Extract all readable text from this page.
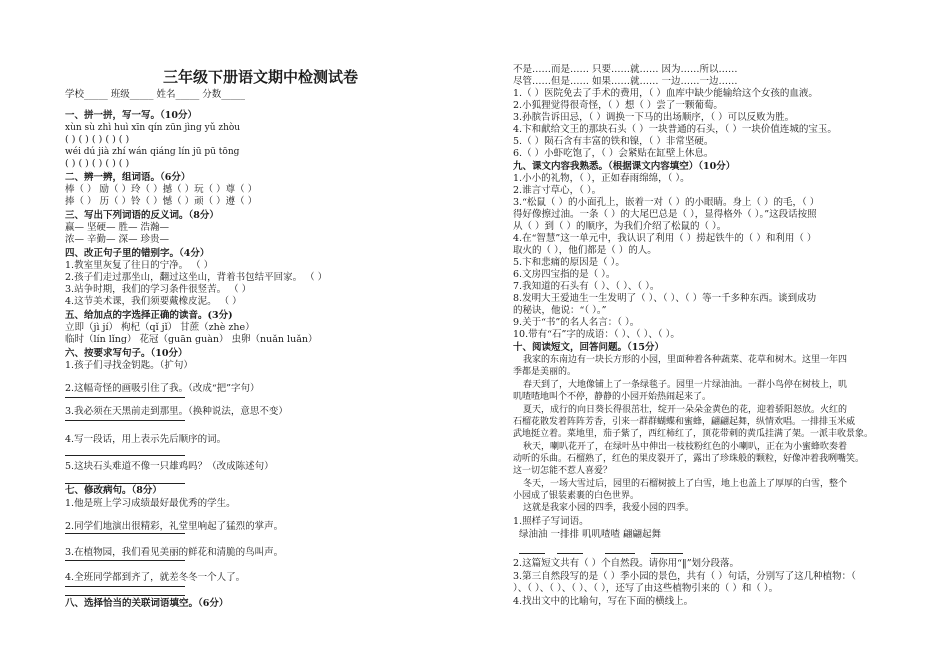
三年级下册语文期中检测试卷
学校_____ 班级_____ 姓名_____ 分数_____
一、拼一拼，写一写。（10分）
xùn sù zhì huì xīn qín zūn jìng yǔ zhòu
( ) ( ) ( ) ( ) ( )
wéi dú jià zhí wán qiáng lín jū pū tōng
( ) ( ) ( ) ( ) ( )
二、辨一辨，组词语。（6分）
棒（ ） 励（ ）玲（ ）撼（ ）玩（ ）尊（ ）
捧（ ） 历（ ）铃（ ）憾（ ）顽（ ）遵（ ）
三、写出下列词语的反义词。（8分）
赢— 坚硬— 胜— 浩瀚—
浓— 辛勤— 深— 珍贵—
四、改正句子里的错别字。（4分）
1.教室里灰复了往日的宁净。 （ ）
2.孩子们走过那坐山，翻过这坐山，背着书包结平回家。 （ ）
3.站争时期，我们的学习条件很竖苦。 （ ）
4.这节美术课，我们须要戴橡皮泥。 （ ）
五、给加点的字选择正确的读音。(3分)
立即（jì jí） 枸杞（qǐ jǐ） 甘蔗（zhè zhe）
临时（lín lǐng） 花冠（guān guàn） 虫卵（nuǎn luǎn）
六、按要求写句子。（10分）
1.孩子们寻找金钥匙。（扩句）
2.这幅奇怪的画吸引住了我。（改成“把”字句）
3.我必须在天黑前走到那里。（换种说法，意思不变）
4.写一段话，用上表示先后顺序的词。
5.这块石头难道不像一只雄鸡吗？（改成陈述句）
七、修改病句。（8分）
1.他是班上学习成绩最好最优秀的学生。
2.同学们地演出很精彩，礼堂里响起了猛烈的掌声。
3.在植物园，我们看见美丽的鲜花和清脆的鸟叫声。
4.全班同学都到齐了，就差冬冬一个人了。
八、选择恰当的关联词语填空。（6分）
不是……而是…… 只要……就…… 因为……所以……
尽管……但是…… 如果……就…… 一边……一边……
1.（ ）医院免去了手术的费用，（ ）血库中缺少能输给这个女孩的血液。
2.小狐狸觉得很奇怪，（ ）想（ ）尝了一颗葡萄。
3.孙膑告诉田忌，（ ）调换一下马的出场顺序，（ ）可以反败为胜。
4.卞和献给文王的那块石头（ ）一块普通的石头，（ ）一块价值连城的宝玉。
5.（ ）陨石含有丰富的铁和镍，（ ）非常坚硬。
6.（ ）小虾吃饱了，（ ）会紧贴在缸壁上休息。
九、课文内容我熟悉。（根据课文内容填空）（10分）
1.小小的礼物，（ ），正如春雨绵绵，（ ）。
2.谁言寸草心，（ ）。
3.“松鼠（ ）的小面孔上，嵌着一对（ ）的小眼睛。身上（ ）的毛，（ ）
得好像擦过油。一条（ ）的大尾巴总是（ ），显得格外（ ）。”这段话按照
从（ ）到（ ）的顺序，为我们介绍了松鼠的（ ）。
4.在“智慧”这一单元中，我认识了利用（ ）捞起铁牛的（ ）和利用（ ）
取火的（ ），他们都是（ ）的人。
5.卞和悲痛的原因是（ ）。
6.文房四宝指的是（ ）。
7.我知道的石头有（ ）、（ ）、（ ）。
8.发明大王爱迪生一生发明了（ ）、（ ）、（ ）等一千多种东西。谈到成功
的秘诀，他说：“（ ）。”
9.关于“书”的名人名言：（ ）。
10.带有“石”字的成语：（ ）、（ ）、（ ）。
十、阅读短文，回答问题。（15分）
我家的东南边有一块长方形的小园，里面种着各种蔬菜、花草和树木。这里一年四
季都是美丽的。
春天到了，大地像铺上了一条绿毯子。园里一片绿油油。一群小鸟停在树枝上，叽
叽喳喳地叫个不停，静静的小园开始热闹起来了。
夏天，成行的向日葵长得很茁壮，绽开一朵朵金黄色的花，迎着骄阳怒放。火红的
石榴花散发着阵阵芳香，引来一群群蝴蝶和蜜蜂，翩翩起舞，纵情欢唱。一排排玉米威
武地挺立着。菜地里，茄子紫了，西红柿红了，顶花带刺的黄瓜挂满了架。一派丰收景象。
秋天，喇叭花开了，在绿叶丛中伸出一枝枝粉红色的小喇叭，正在为小蜜蜂吹奏着
动听的乐曲。石榴熟了，红色的果皮裂开了，露出了珍珠般的颗粒，好像冲着我咧嘴笑。
这一切怎能不惹人喜爱？
冬天，一场大雪过后，园里的石榴树披上了白雪，地上也盖上了厚厚的白雪，整个
小园成了银装素裹的白色世界。
这就是我家小园的四季，我爱小园的四季。
1.照样子写词语。
绿油油 一排排 叽叽喳喳 翩翩起舞
2.这篇短文共有（ ）个自然段。请你用“‖”划分段落。
3.第三自然段写的是（ ）季小园的景色，共有（ ）句话，分别写了这几种植物：（
）、（ ）、（ ）、（ ）、（ ），还写了由这些植物引来的（ ）和（ ）。
4.找出文中的比喻句，写在下面的横线上。
